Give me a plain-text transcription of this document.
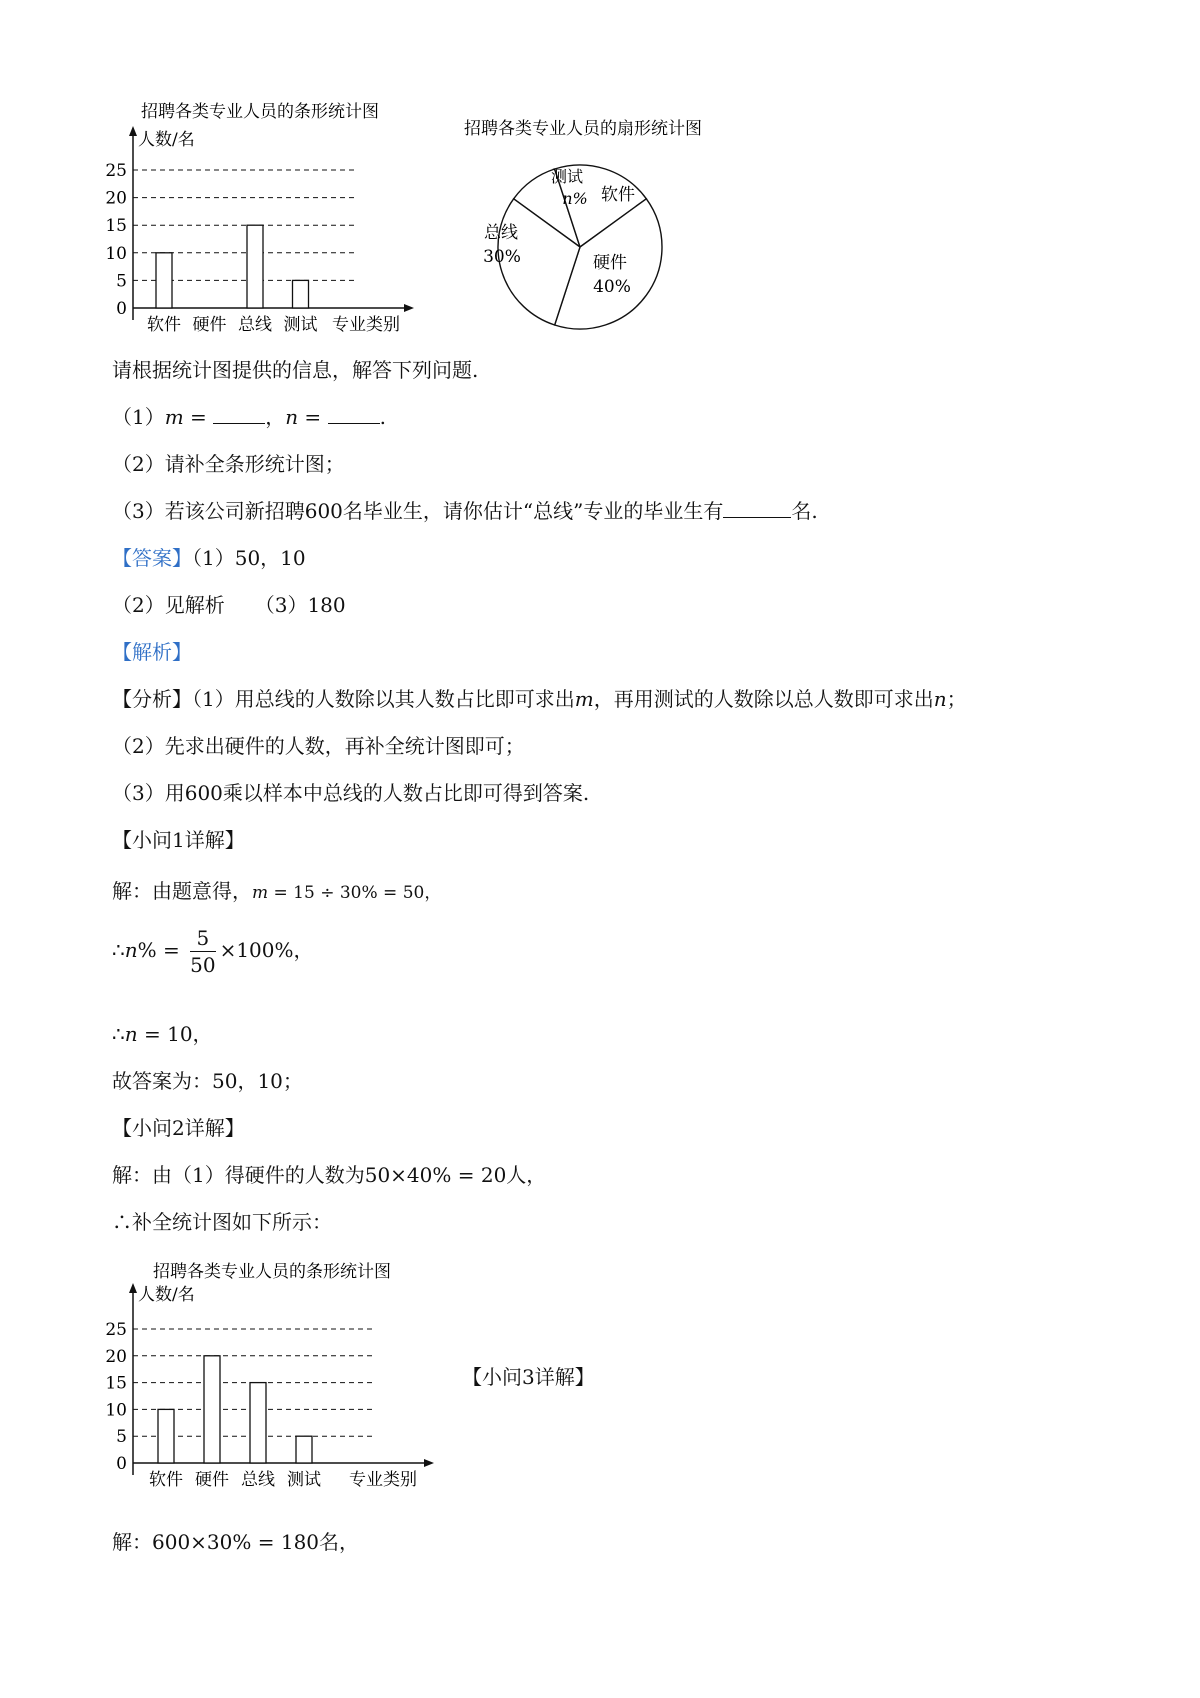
招聘各类专业人员的条形统计图
人数/名
25
20
15
10
5
0
软件 硬件 总线 测试 专业类别
招聘各类专业人员的扇形统计图
测试
n% 软件
硬件
40%
总线
30%
请根据统计图提供的信息，解答下列问题.
（1）m =	，n =	.
（2）请补全条形统计图；
（3）若该公司新招聘600名毕业生，请你估计“总线”专业的毕业生有	名.
【答案】（1）50，10
（2）见解析　　（3）180
【解析】
【分析】（1）用总线的人数除以其人数占比即可求出m，再用测试的人数除以总人数即可求出n；
（2）先求出硬件的人数，再补全统计图即可；
（3）用600乘以样本中总线的人数占比即可得到答案.
【小问1详解】
解：由题意得，m = 15 ÷ 30% = 50，
∴n% = $\frac{5}{50} \times 100\%$，
∴n = 10，
故答案为：50，10；
【小问2详解】
解：由（1）得硬件的人数为50×40% = 20人，
∴补全统计图如下所示：
招聘各类专业人员的条形统计图
人数/名
25
20
15
10
5
0
软件 硬件 总线 测试 专业类别
【小问3详解】
解：600×30% = 180名，
